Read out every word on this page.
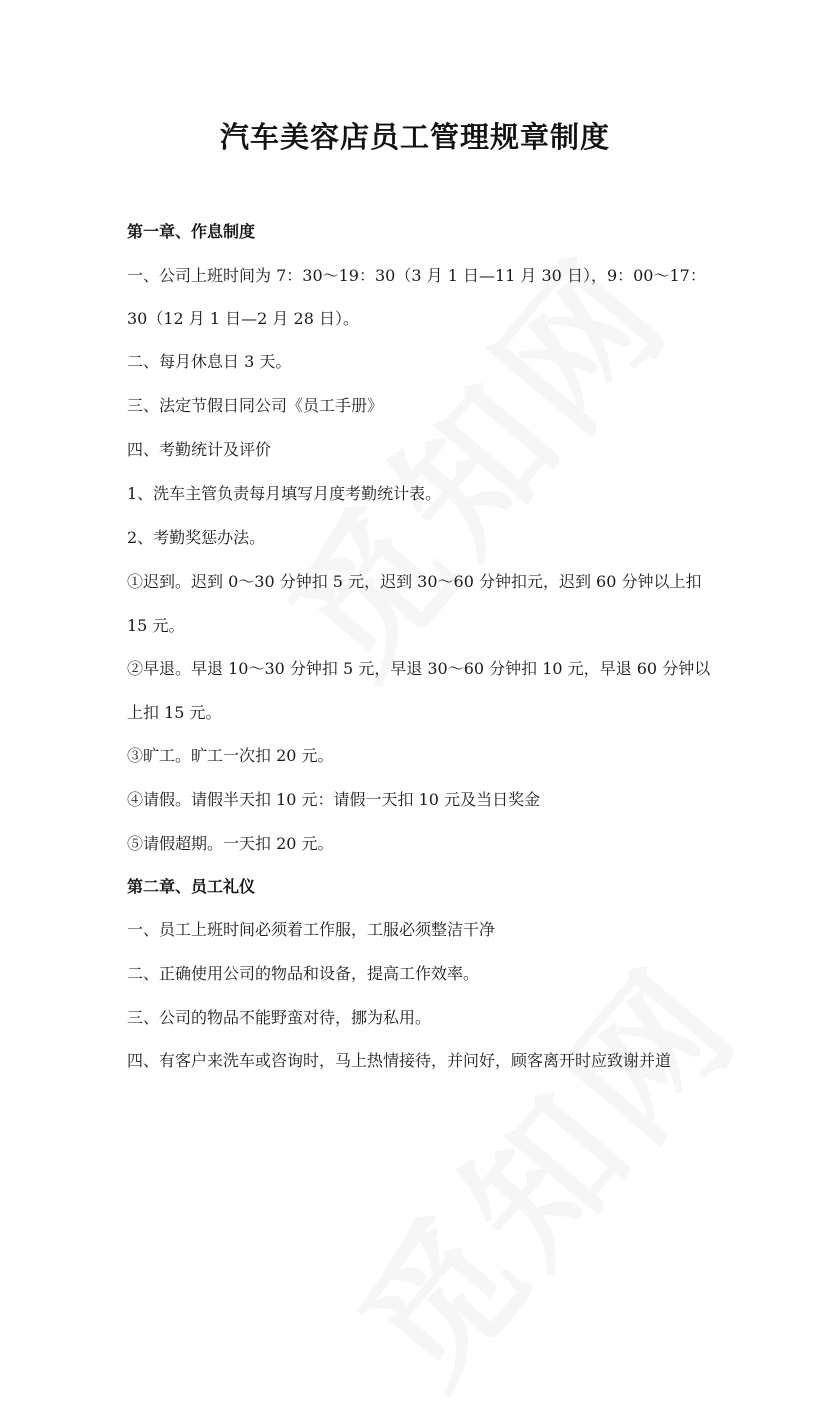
汽车美容店员工管理规章制度
第一章、作息制度
一、公司上班时间为 7：30～19：30（3 月 1 日—11 月 30 日），9：00～17：
30（12 月 1 日—2 月 28 日）。
二、每月休息日 3 天。
三、法定节假日同公司《员工手册》
四、考勤统计及评价
1、洗车主管负责每月填写月度考勤统计表。
2、考勤奖惩办法。
①迟到。迟到 0～30 分钟扣 5 元，迟到 30～60 分钟扣元，迟到 60 分钟以上扣
15 元。
②早退。早退 10～30 分钟扣 5 元，早退 30～60 分钟扣 10 元，早退 60 分钟以
上扣 15 元。
③旷工。旷工一次扣 20 元。
④请假。请假半天扣 10 元：请假一天扣 10 元及当日奖金
⑤请假超期。一天扣 20 元。
第二章、员工礼仪
一、员工上班时间必须着工作服，工服必须整洁干净
二、正确使用公司的物品和设备，提高工作效率。
三、公司的物品不能野蛮对待，挪为私用。
四、有客户来洗车或咨询时，马上热情接待，并问好，顾客离开时应致谢并道
